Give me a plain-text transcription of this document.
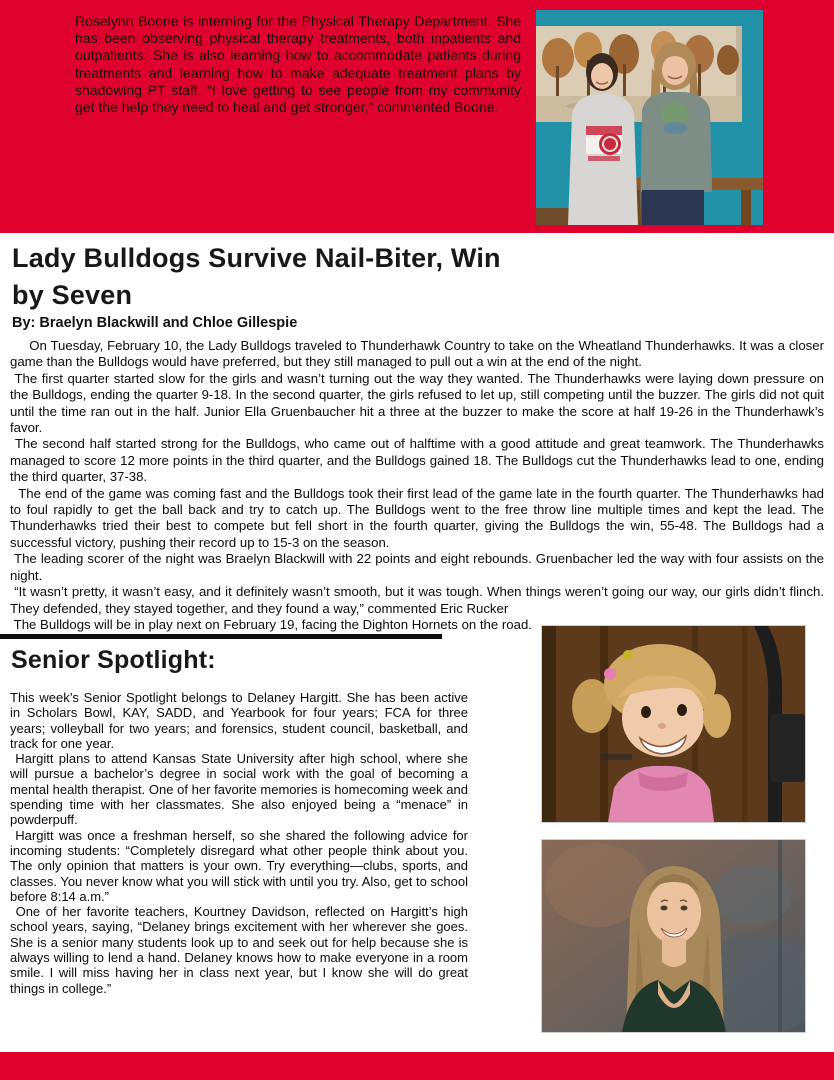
Roselynn Boone is interning for the Physical Therapy Department. She has been observing physical therapy treatments, both inpatients and outpatients. She is also learning how to accommodate patients during treatments and learning how to make adequate treatment plans by shadowing PT staff. “I love getting to see people from my community get the help they need to heal and get stronger,” commented Boone.

Lady Bulldogs Survive Nail-Biter, Win by Seven

By: Braelyn Blackwill and Chloe Gillespie

On Tuesday, February 10, the Lady Bulldogs traveled to Thunderhawk Country to take on the Wheatland Thunderhawks. It was a closer game than the Bulldogs would have preferred, but they still managed to pull out a win at the end of the night.

The first quarter started slow for the girls and wasn’t turning out the way they wanted. The Thunderhawks were laying down pressure on the Bulldogs, ending the quarter 9-18. In the second quarter, the girls refused to let up, still competing until the buzzer. The girls did not quit until the time ran out in the half. Junior Ella Gruenbaucher hit a three at the buzzer to make the score at half 19-26 in the Thunderhawk’s favor.

The second half started strong for the Bulldogs, who came out of halftime with a good attitude and great teamwork. The Thunderhawks managed to score 12 more points in the third quarter, and the Bulldogs gained 18. The Bulldogs cut the Thunderhawks lead to one, ending the third quarter, 37-38.

The end of the game was coming fast and the Bulldogs took their first lead of the game late in the fourth quarter. The Thunderhawks had to foul rapidly to get the ball back and try to catch up. The Bulldogs went to the free throw line multiple times and kept the lead. The Thunderhawks tried their best to compete but fell short in the fourth quarter, giving the Bulldogs the win, 55-48. The Bulldogs had a successful victory, pushing their record up to 15-3 on the season.

The leading scorer of the night was Braelyn Blackwill with 22 points and eight rebounds. Gruenbacher led the way with four assists on the night.

“It wasn’t pretty, it wasn’t easy, and it definitely wasn’t smooth, but it was tough. When things weren’t going our way, our girls didn’t flinch. They defended, they stayed together, and they found a way,” commented Eric Rucker

The Bulldogs will be in play next on February 19, facing the Dighton Hornets on the road.

Senior Spotlight:

This week’s Senior Spotlight belongs to Delaney Hargitt. She has been active in Scholars Bowl, KAY, SADD, and Yearbook for four years; FCA for three years; volleyball for two years; and forensics, student council, basketball, and track for one year.

Hargitt plans to attend Kansas State University after high school, where she will pursue a bachelor’s degree in social work with the goal of becoming a mental health therapist. One of her favorite memories is homecoming week and spending time with her classmates. She also enjoyed being a “menace” in powderpuff.

Hargitt was once a freshman herself, so she shared the following advice for incoming students: “Completely disregard what other people think about you. The only opinion that matters is your own. Try everything—clubs, sports, and classes. You never know what you will stick with until you try. Also, get to school before 8:14 a.m.”

One of her favorite teachers, Kourtney Davidson, reflected on Hargitt’s high school years, saying, “Delaney brings excitement with her wherever she goes. She is a senior many students look up to and seek out for help because she is always willing to lend a hand. Delaney knows how to make everyone in a room smile. I will miss having her in class next year, but I know she will do great things in college.”
